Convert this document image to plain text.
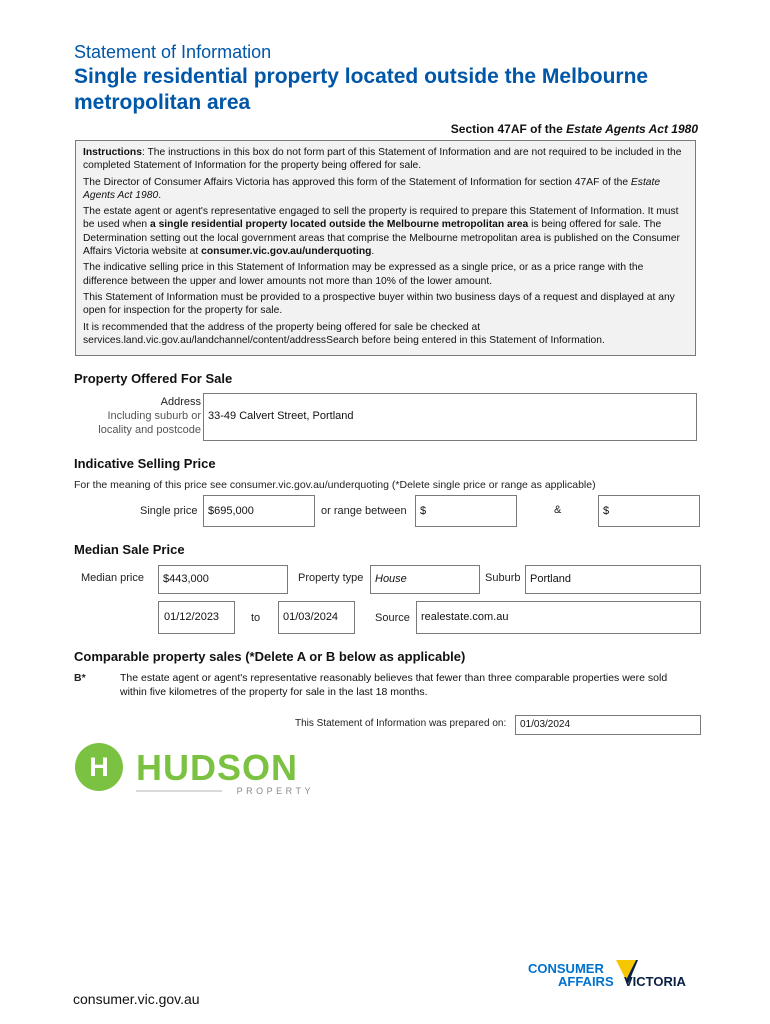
Statement of Information
Single residential property located outside the Melbourne metropolitan area
Section 47AF of the Estate Agents Act 1980

Instructions: The instructions in this box do not form part of this Statement of Information and are not required to be included in the completed Statement of Information for the property being offered for sale.

The Director of Consumer Affairs Victoria has approved this form of the Statement of Information for section 47AF of the Estate Agents Act 1980.

The estate agent or agent's representative engaged to sell the property is required to prepare this Statement of Information. It must be used when a single residential property located outside the Melbourne metropolitan area is being offered for sale. The Determination setting out the local government areas that comprise the Melbourne metropolitan area is published on the Consumer Affairs Victoria website at consumer.vic.gov.au/underquoting.

The indicative selling price in this Statement of Information may be expressed as a single price, or as a price range with the difference between the upper and lower amounts not more than 10% of the lower amount.

This Statement of Information must be provided to a prospective buyer within two business days of a request and displayed at any open for inspection for the property for sale.

It is recommended that the address of the property being offered for sale be checked at services.land.vic.gov.au/landchannel/content/addressSearch before being entered in this Statement of Information.

Property Offered For Sale
Address
Including suburb or
locality and postcode
33-49 Calvert Street, Portland
Indicative Selling Price
For the meaning of this price see consumer.vic.gov.au/underquoting (*Delete single price or range as applicable)
Single price $695,000	or range between $	&	$
Median Sale Price
Median price $443,000	Property type House	Suburb Portland
01/12/2023	to 01/03/2024	Source realestate.com.au
Comparable property sales (*Delete A or B below as applicable)
B*	The estate agent or agent's representative reasonably believes that fewer than three comparable properties were sold within five kilometres of the property for sale in the last 18 months.
This Statement of Information was prepared on: 01/03/2024
H HUDSON
PROPERTY
CONSUMER
AFFAIRS VICTORIA
consumer.vic.gov.au
